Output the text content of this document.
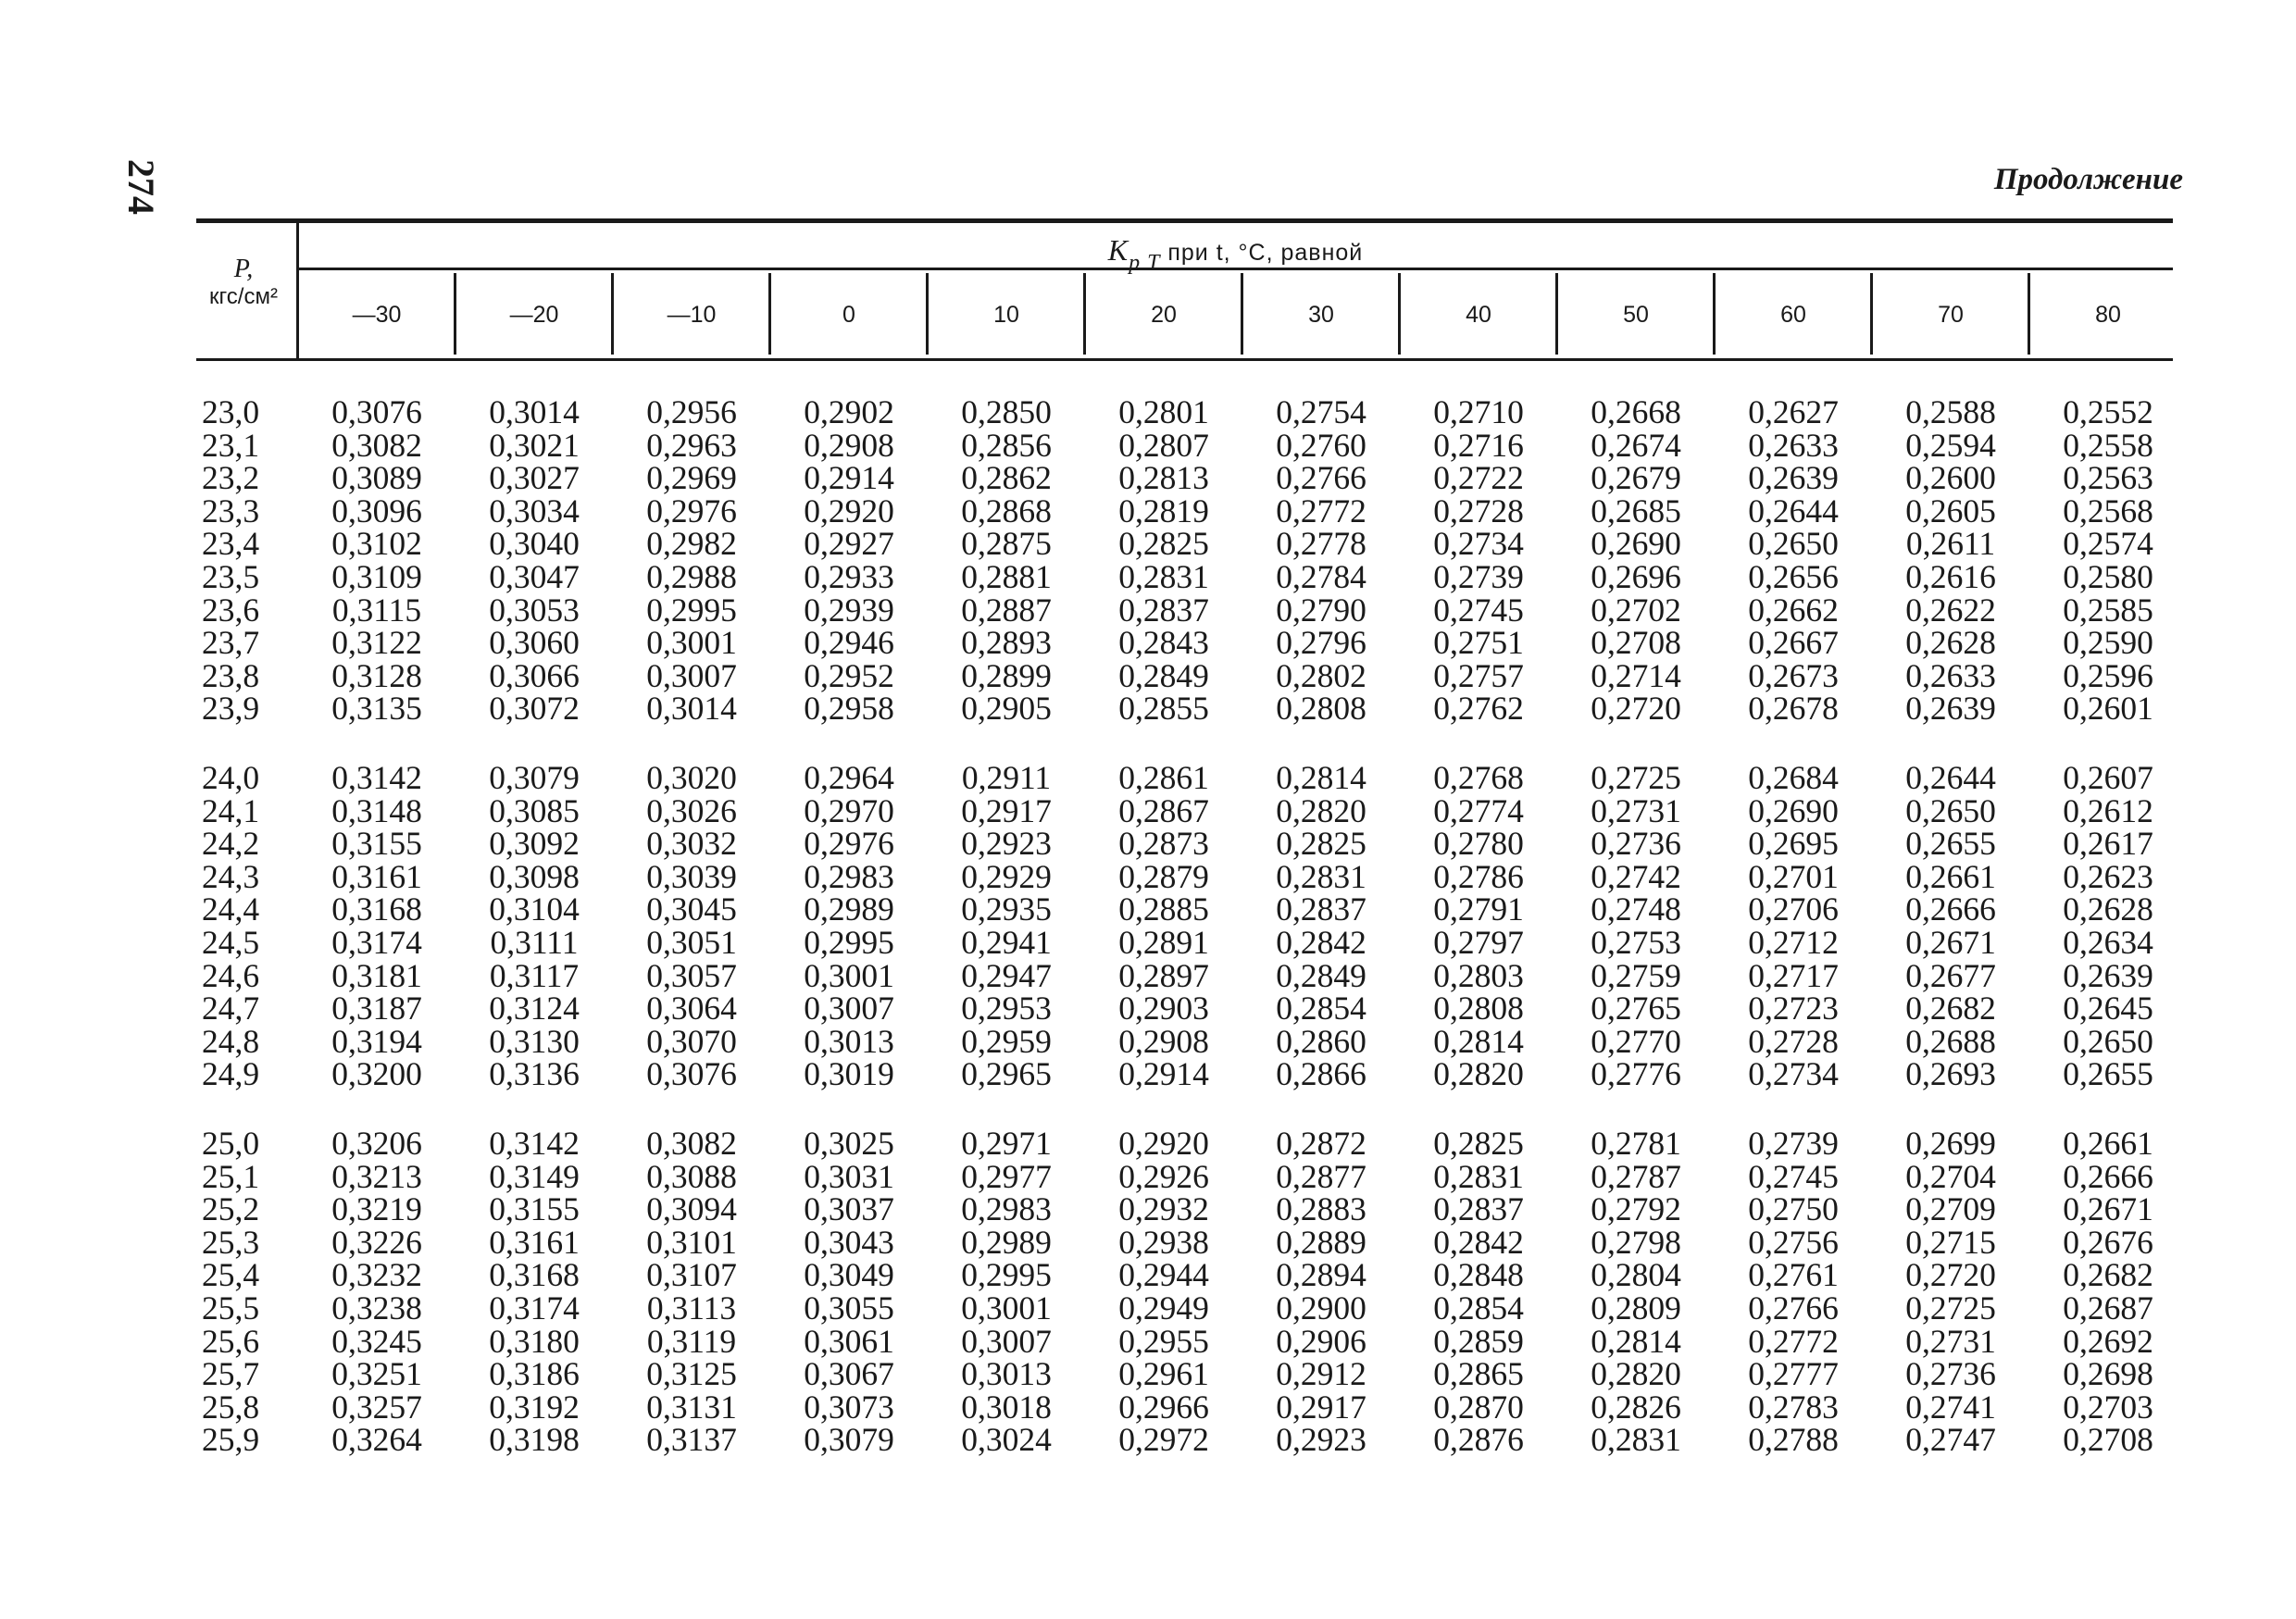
274	Продолжение
Kp T при t, °С, равной
P,
кгс/см²
—30	—20	—10	0	10	20	30	40	50	60	70	80
23,0	0,3076	0,3014	0,2956	0,2902	0,2850	0,2801	0,2754	0,2710	0,2668	0,2627	0,2588	0,2552
23,1	0,3082	0,3021	0,2963	0,2908	0,2856	0,2807	0,2760	0,2716	0,2674	0,2633	0,2594	0,2558
23,2	0,3089	0,3027	0,2969	0,2914	0,2862	0,2813	0,2766	0,2722	0,2679	0,2639	0,2600	0,2563
23,3	0,3096	0,3034	0,2976	0,2920	0,2868	0,2819	0,2772	0,2728	0,2685	0,2644	0,2605	0,2568
23,4	0,3102	0,3040	0,2982	0,2927	0,2875	0,2825	0,2778	0,2734	0,2690	0,2650	0,2611	0,2574
23,5	0,3109	0,3047	0,2988	0,2933	0,2881	0,2831	0,2784	0,2739	0,2696	0,2656	0,2616	0,2580
23,6	0,3115	0,3053	0,2995	0,2939	0,2887	0,2837	0,2790	0,2745	0,2702	0,2662	0,2622	0,2585
23,7	0,3122	0,3060	0,3001	0,2946	0,2893	0,2843	0,2796	0,2751	0,2708	0,2667	0,2628	0,2590
23,8	0,3128	0,3066	0,3007	0,2952	0,2899	0,2849	0,2802	0,2757	0,2714	0,2673	0,2633	0,2596
23,9	0,3135	0,3072	0,3014	0,2958	0,2905	0,2855	0,2808	0,2762	0,2720	0,2678	0,2639	0,2601
24,0	0,3142	0,3079	0,3020	0,2964	0,2911	0,2861	0,2814	0,2768	0,2725	0,2684	0,2644	0,2607
24,1	0,3148	0,3085	0,3026	0,2970	0,2917	0,2867	0,2820	0,2774	0,2731	0,2690	0,2650	0,2612
24,2	0,3155	0,3092	0,3032	0,2976	0,2923	0,2873	0,2825	0,2780	0,2736	0,2695	0,2655	0,2617
24,3	0,3161	0,3098	0,3039	0,2983	0,2929	0,2879	0,2831	0,2786	0,2742	0,2701	0,2661	0,2623
24,4	0,3168	0,3104	0,3045	0,2989	0,2935	0,2885	0,2837	0,2791	0,2748	0,2706	0,2666	0,2628
24,5	0,3174	0,3111	0,3051	0,2995	0,2941	0,2891	0,2842	0,2797	0,2753	0,2712	0,2671	0,2634
24,6	0,3181	0,3117	0,3057	0,3001	0,2947	0,2897	0,2849	0,2803	0,2759	0,2717	0,2677	0,2639
24,7	0,3187	0,3124	0,3064	0,3007	0,2953	0,2903	0,2854	0,2808	0,2765	0,2723	0,2682	0,2645
24,8	0,3194	0,3130	0,3070	0,3013	0,2959	0,2908	0,2860	0,2814	0,2770	0,2728	0,2688	0,2650
24,9	0,3200	0,3136	0,3076	0,3019	0,2965	0,2914	0,2866	0,2820	0,2776	0,2734	0,2693	0,2655
25,0	0,3206	0,3142	0,3082	0,3025	0,2971	0,2920	0,2872	0,2825	0,2781	0,2739	0,2699	0,2661
25,1	0,3213	0,3149	0,3088	0,3031	0,2977	0,2926	0,2877	0,2831	0,2787	0,2745	0,2704	0,2666
25,2	0,3219	0,3155	0,3094	0,3037	0,2983	0,2932	0,2883	0,2837	0,2792	0,2750	0,2709	0,2671
25,3	0,3226	0,3161	0,3101	0,3043	0,2989	0,2938	0,2889	0,2842	0,2798	0,2756	0,2715	0,2676
25,4	0,3232	0,3168	0,3107	0,3049	0,2995	0,2944	0,2894	0,2848	0,2804	0,2761	0,2720	0,2682
25,5	0,3238	0,3174	0,3113	0,3055	0,3001	0,2949	0,2900	0,2854	0,2809	0,2766	0,2725	0,2687
25,6	0,3245	0,3180	0,3119	0,3061	0,3007	0,2955	0,2906	0,2859	0,2814	0,2772	0,2731	0,2692
25,7	0,3251	0,3186	0,3125	0,3067	0,3013	0,2961	0,2912	0,2865	0,2820	0,2777	0,2736	0,2698
25,8	0,3257	0,3192	0,3131	0,3073	0,3018	0,2966	0,2917	0,2870	0,2826	0,2783	0,2741	0,2703
25,9	0,3264	0,3198	0,3137	0,3079	0,3024	0,2972	0,2923	0,2876	0,2831	0,2788	0,2747	0,2708
